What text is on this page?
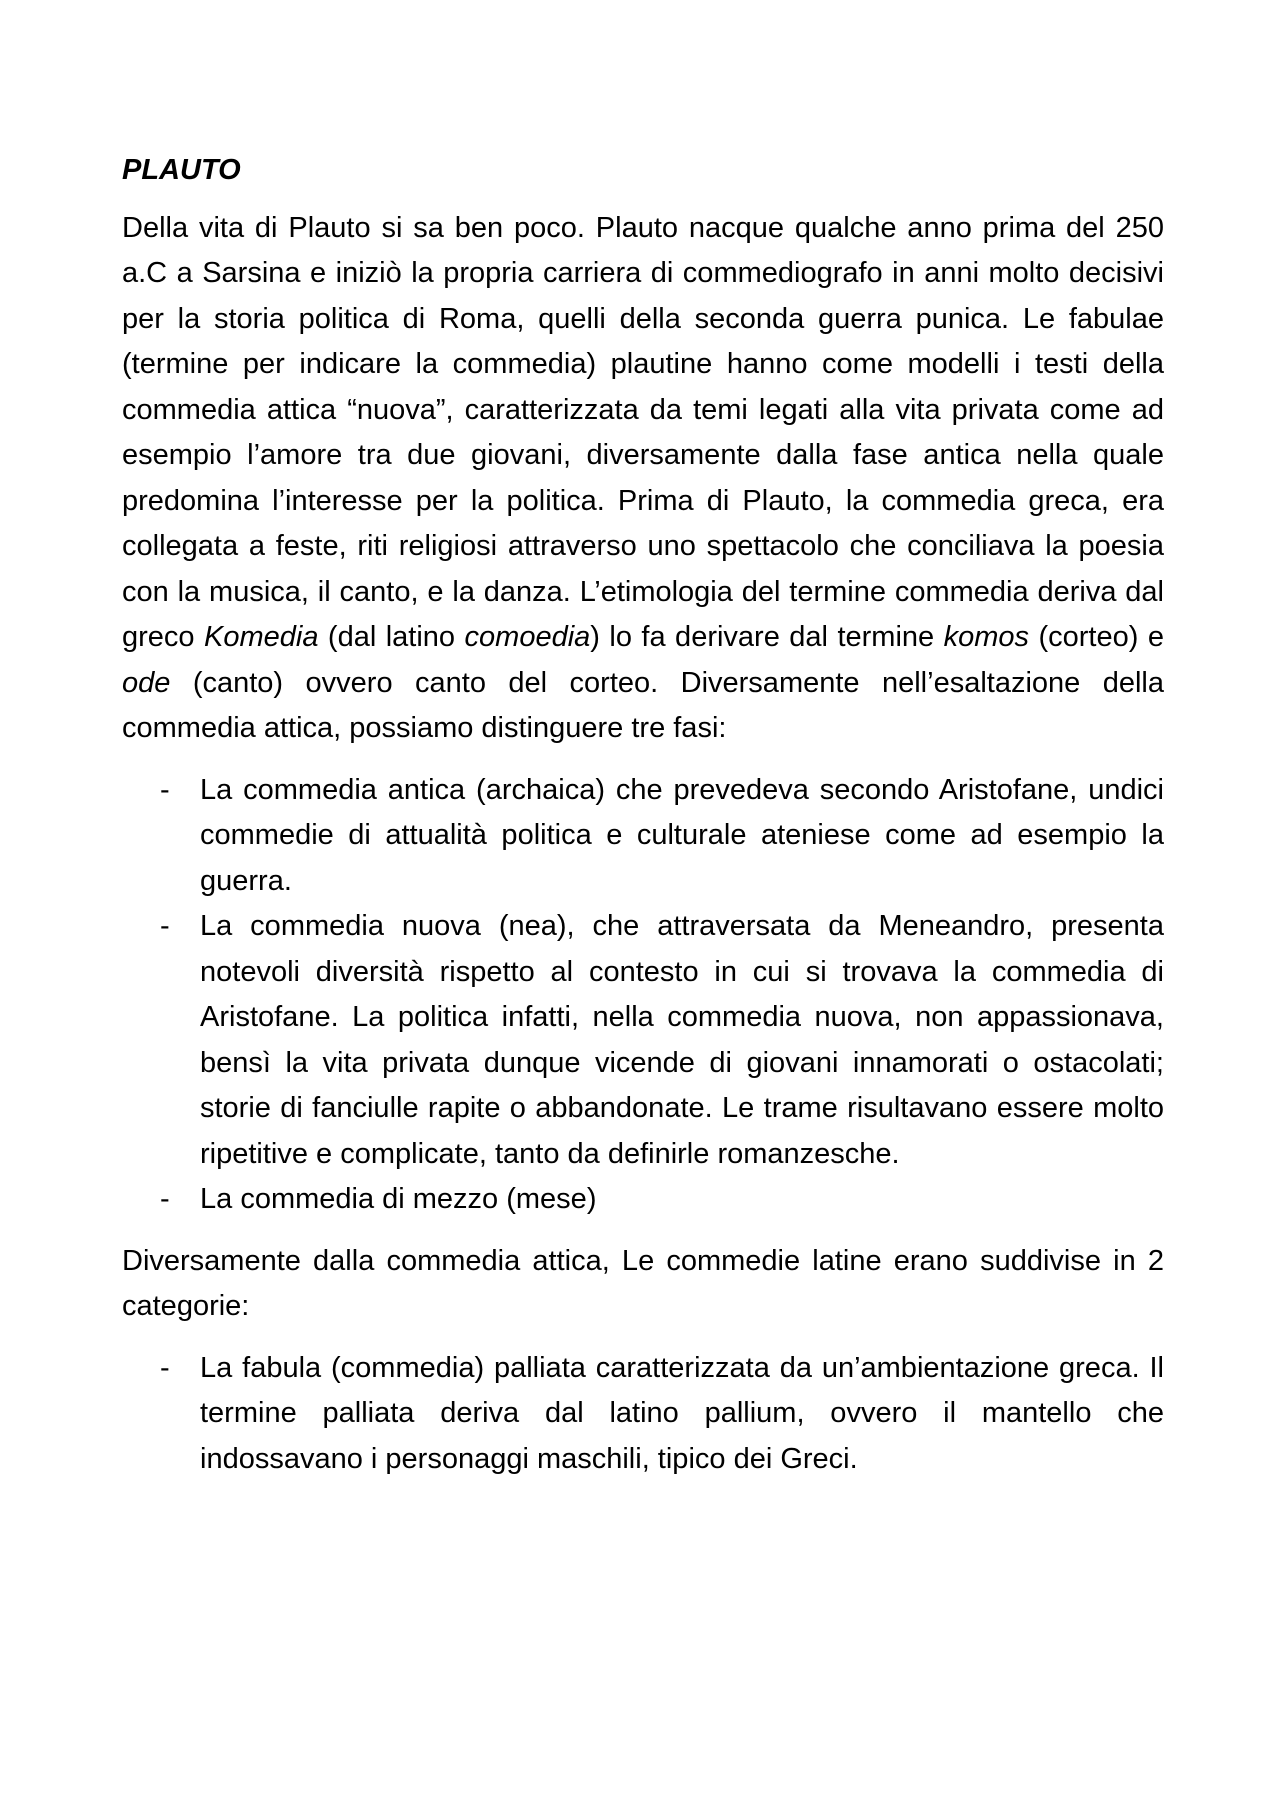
PLAUTO

Della vita di Plauto si sa ben poco. Plauto nacque qualche anno prima del 250 a.C a Sarsina e iniziò la propria carriera di commediografo in anni molto decisivi per la storia politica di Roma, quelli della seconda guerra punica. Le fabulae (termine per indicare la commedia) plautine hanno come modelli i testi della commedia attica “nuova”, caratterizzata da temi legati alla vita privata come ad esempio l’amore tra due giovani, diversamente dalla fase antica nella quale predomina l’interesse per la politica. Prima di Plauto, la commedia greca, era collegata a feste, riti religiosi attraverso uno spettacolo che conciliava la poesia con la musica, il canto, e la danza. L’etimologia del termine commedia deriva dal greco Komedia (dal latino comoedia) lo fa derivare dal termine komos (corteo) e ode (canto) ovvero canto del corteo. Diversamente nell’esaltazione della commedia attica, possiamo distinguere tre fasi:

- La commedia antica (archaica) che prevedeva secondo Aristofane, undici commedie di attualità politica e culturale ateniese come ad esempio la guerra.
- La commedia nuova (nea), che attraversata da Meneandro, presenta notevoli diversità rispetto al contesto in cui si trovava la commedia di Aristofane. La politica infatti, nella commedia nuova, non appassionava, bensì la vita privata dunque vicende di giovani innamorati o ostacolati; storie di fanciulle rapite o abbandonate. Le trame risultavano essere molto ripetitive e complicate, tanto da definirle romanzesche.
- La commedia di mezzo (mese)

Diversamente dalla commedia attica, Le commedie latine erano suddivise in 2 categorie:

- La fabula (commedia) palliata caratterizzata da un’ambientazione greca. Il termine palliata deriva dal latino pallium, ovvero il mantello che indossavano i personaggi maschili, tipico dei Greci.
